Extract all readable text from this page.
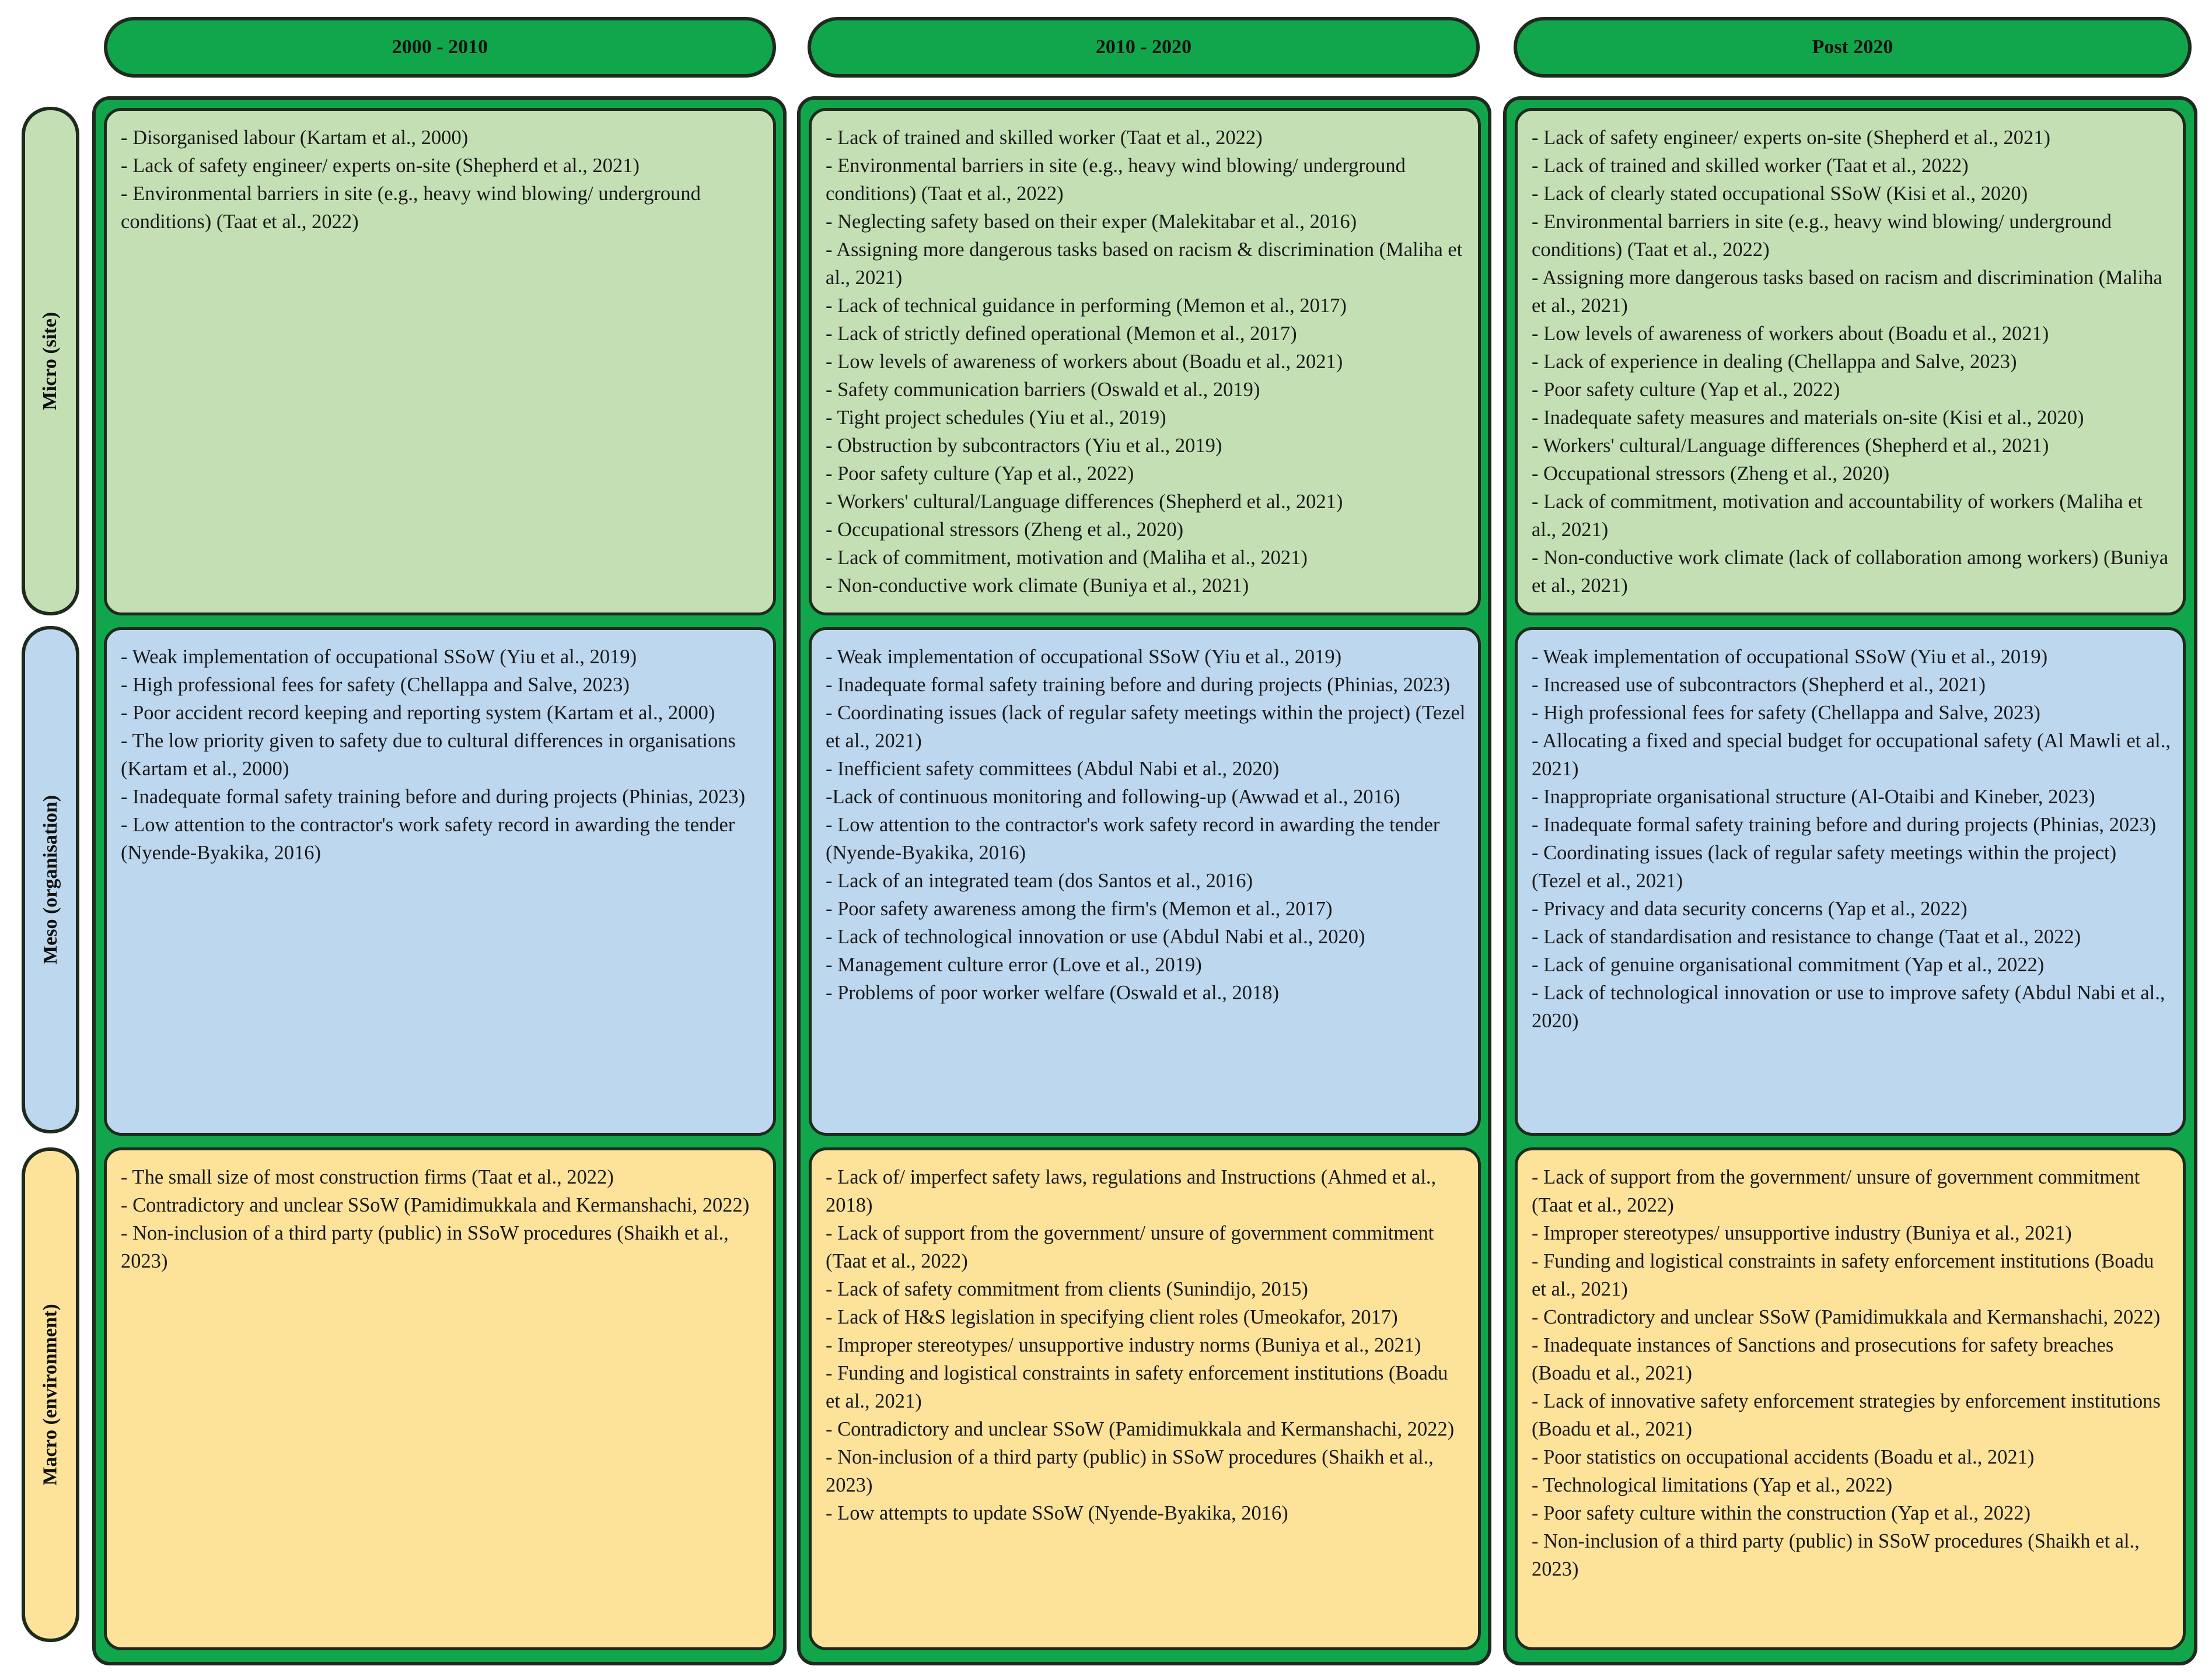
2000 - 2010	2010 - 2020	Post 2020
Micro (site)
Meso (organisation)
Macro (environment)

- Disorganised labour (Kartam et al., 2000)

- Lack of safety engineer/ experts on-site (Shepherd et al., 2021)

- Environmental barriers in site (e.g., heavy wind blowing/ underground conditions) (Taat et al., 2022)

- Lack of trained and skilled worker (Taat et al., 2022)

- Environmental barriers in site (e.g., heavy wind blowing/ underground conditions) (Taat et al., 2022)

- Neglecting safety based on their exper (Malekitabar et al., 2016)

- Assigning more dangerous tasks based on racism & discrimination (Maliha et al., 2021)

- Lack of technical guidance in performing (Memon et al., 2017)

- Lack of strictly defined operational (Memon et al., 2017)

- Low levels of awareness of workers about (Boadu et al., 2021)

- Safety communication barriers (Oswald et al., 2019)

- Tight project schedules (Yiu et al., 2019)

- Obstruction by subcontractors (Yiu et al., 2019)

- Poor safety culture (Yap et al., 2022)

- Workers' cultural/Language differences (Shepherd et al., 2021)

- Occupational stressors (Zheng et al., 2020)

- Lack of commitment, motivation and (Maliha et al., 2021)

- Non-conductive work climate (Buniya et al., 2021)

- Lack of safety engineer/ experts on-site (Shepherd et al., 2021)

- Lack of trained and skilled worker (Taat et al., 2022)

- Lack of clearly stated occupational SSoW (Kisi et al., 2020)

- Environmental barriers in site (e.g., heavy wind blowing/ underground conditions) (Taat et al., 2022)

- Assigning more dangerous tasks based on racism and discrimination (Maliha et al., 2021)

- Low levels of awareness of workers about (Boadu et al., 2021)

- Lack of experience in dealing (Chellappa and Salve, 2023)

- Poor safety culture (Yap et al., 2022)

- Inadequate safety measures and materials on-site (Kisi et al., 2020)

- Workers' cultural/Language differences (Shepherd et al., 2021)

- Occupational stressors (Zheng et al., 2020)

- Lack of commitment, motivation and accountability of workers (Maliha et al., 2021)

- Non-conductive work climate (lack of collaboration among workers) (Buniya et al., 2021)

- Weak implementation of occupational SSoW (Yiu et al., 2019)

- High professional fees for safety (Chellappa and Salve, 2023)

- Poor accident record keeping and reporting system (Kartam et al., 2000)

- The low priority given to safety due to cultural differences in organisations (Kartam et al., 2000)

- Inadequate formal safety training before and during projects (Phinias, 2023)

- Low attention to the contractor's work safety record in awarding the tender (Nyende-Byakika, 2016)

- Weak implementation of occupational SSoW (Yiu et al., 2019)

- Inadequate formal safety training before and during projects (Phinias, 2023)

- Coordinating issues (lack of regular safety meetings within the project) (Tezel et al., 2021)

- Inefficient safety committees (Abdul Nabi et al., 2020)

-Lack of continuous monitoring and following-up (Awwad et al., 2016)

- Low attention to the contractor's work safety record in awarding the tender (Nyende-Byakika, 2016)

- Lack of an integrated team (dos Santos et al., 2016)

- Poor safety awareness among the firm's (Memon et al., 2017)

- Lack of technological innovation or use (Abdul Nabi et al., 2020)

- Management culture error (Love et al., 2019)

- Problems of poor worker welfare (Oswald et al., 2018)

- Weak implementation of occupational SSoW (Yiu et al., 2019)

- Increased use of subcontractors (Shepherd et al., 2021)

- High professional fees for safety (Chellappa and Salve, 2023)

- Allocating a fixed and special budget for occupational safety (Al Mawli et al., 2021)

- Inappropriate organisational structure (Al-Otaibi and Kineber, 2023)

- Inadequate formal safety training before and during projects (Phinias, 2023)

- Coordinating issues (lack of regular safety meetings within the project) (Tezel et al., 2021)

- Privacy and data security concerns (Yap et al., 2022)

- Lack of standardisation and resistance to change (Taat et al., 2022)

- Lack of genuine organisational commitment (Yap et al., 2022)

- Lack of technological innovation or use to improve safety (Abdul Nabi et al., 2020)

- The small size of most construction firms (Taat et al., 2022)

- Contradictory and unclear SSoW (Pamidimukkala and Kermanshachi, 2022)

- Non-inclusion of a third party (public) in SSoW procedures (Shaikh et al., 2023)

- Lack of/ imperfect safety laws, regulations and Instructions (Ahmed et al., 2018)

- Lack of support from the government/ unsure of government commitment (Taat et al., 2022)

- Lack of safety commitment from clients (Sunindijo, 2015)

- Lack of H&S legislation in specifying client roles (Umeokafor, 2017)

- Improper stereotypes/ unsupportive industry norms (Buniya et al., 2021)

- Funding and logistical constraints in safety enforcement institutions (Boadu et al., 2021)

- Contradictory and unclear SSoW (Pamidimukkala and Kermanshachi, 2022)

- Non-inclusion of a third party (public) in SSoW procedures (Shaikh et al., 2023)

- Low attempts to update SSoW (Nyende-Byakika, 2016)

- Lack of support from the government/ unsure of government commitment (Taat et al., 2022)

- Improper stereotypes/ unsupportive industry (Buniya et al., 2021)

- Funding and logistical constraints in safety enforcement institutions (Boadu et al., 2021)

- Contradictory and unclear SSoW (Pamidimukkala and Kermanshachi, 2022)

- Inadequate instances of Sanctions and prosecutions for safety breaches (Boadu et al., 2021)

- Lack of innovative safety enforcement strategies by enforcement institutions (Boadu et al., 2021)

- Poor statistics on occupational accidents (Boadu et al., 2021)

- Technological limitations (Yap et al., 2022)

- Poor safety culture within the construction (Yap et al., 2022)

- Non-inclusion of a third party (public) in SSoW procedures (Shaikh et al., 2023)
